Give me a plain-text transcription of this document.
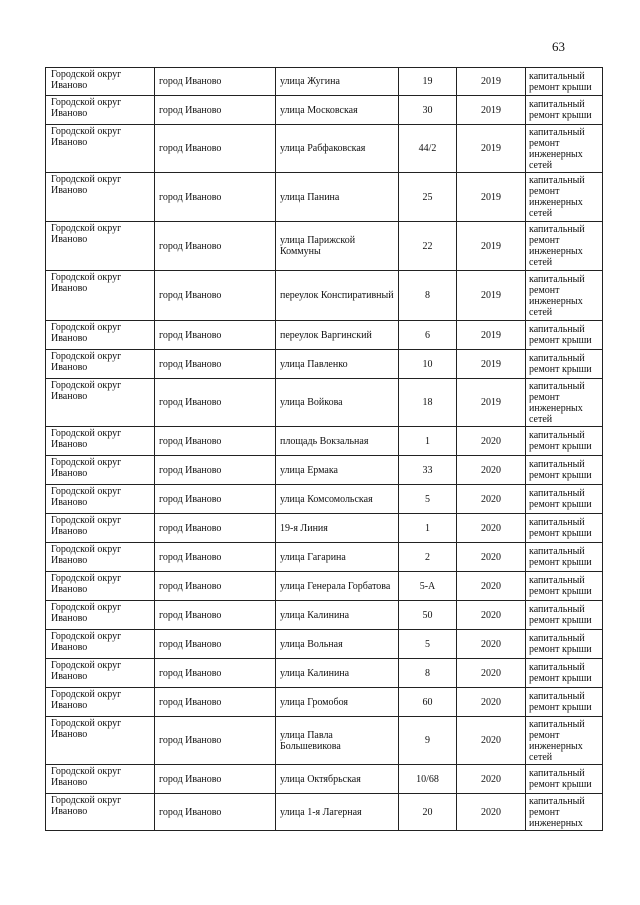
63
Городской округ Иваново	город Иваново	улица Жугина	19	2019	капитальный ремонт крыши
Городской округ Иваново	город Иваново	улица Московская	30	2019	капитальный ремонт крыши
Городской округ Иваново	город Иваново	улица Рабфаковская	44/2	2019	капитальный ремонт инженерных сетей
Городской округ Иваново	город Иваново	улица Панина	25	2019	капитальный ремонт инженерных сетей
Городской округ Иваново	город Иваново	улица Парижской Коммуны	22	2019	капитальный ремонт инженерных сетей
Городской округ Иваново	город Иваново	переулок Конспиративный	8	2019	капитальный ремонт инженерных сетей
Городской округ Иваново	город Иваново	переулок Варгинский	6	2019	капитальный ремонт крыши
Городской округ Иваново	город Иваново	улица Павленко	10	2019	капитальный ремонт крыши
Городской округ Иваново	город Иваново	улица Войкова	18	2019	капитальный ремонт инженерных сетей
Городской округ Иваново	город Иваново	площадь Вокзальная	1	2020	капитальный ремонт крыши
Городской округ Иваново	город Иваново	улица Ермака	33	2020	капитальный ремонт крыши
Городской округ Иваново	город Иваново	улица Комсомольская	5	2020	капитальный ремонт крыши
Городской округ Иваново	город Иваново	19-я Линия	1	2020	капитальный ремонт крыши
Городской округ Иваново	город Иваново	улица Гагарина	2	2020	капитальный ремонт крыши
Городской округ Иваново	город Иваново	улица Генерала Горбатова	5-А	2020	капитальный ремонт крыши
Городской округ Иваново	город Иваново	улица Калинина	50	2020	капитальный ремонт крыши
Городской округ Иваново	город Иваново	улица Вольная	5	2020	капитальный ремонт крыши
Городской округ Иваново	город Иваново	улица Калинина	8	2020	капитальный ремонт крыши
Городской округ Иваново	город Иваново	улица Громобоя	60	2020	капитальный ремонт крыши
Городской округ Иваново	город Иваново	улица Павла Большевикова	9	2020	капитальный ремонт инженерных сетей
Городской округ Иваново	город Иваново	улица Октябрьская	10/68	2020	капитальный ремонт крыши
Городской округ Иваново	город Иваново	улица 1-я Лагерная	20	2020	капитальный ремонт инженерных
